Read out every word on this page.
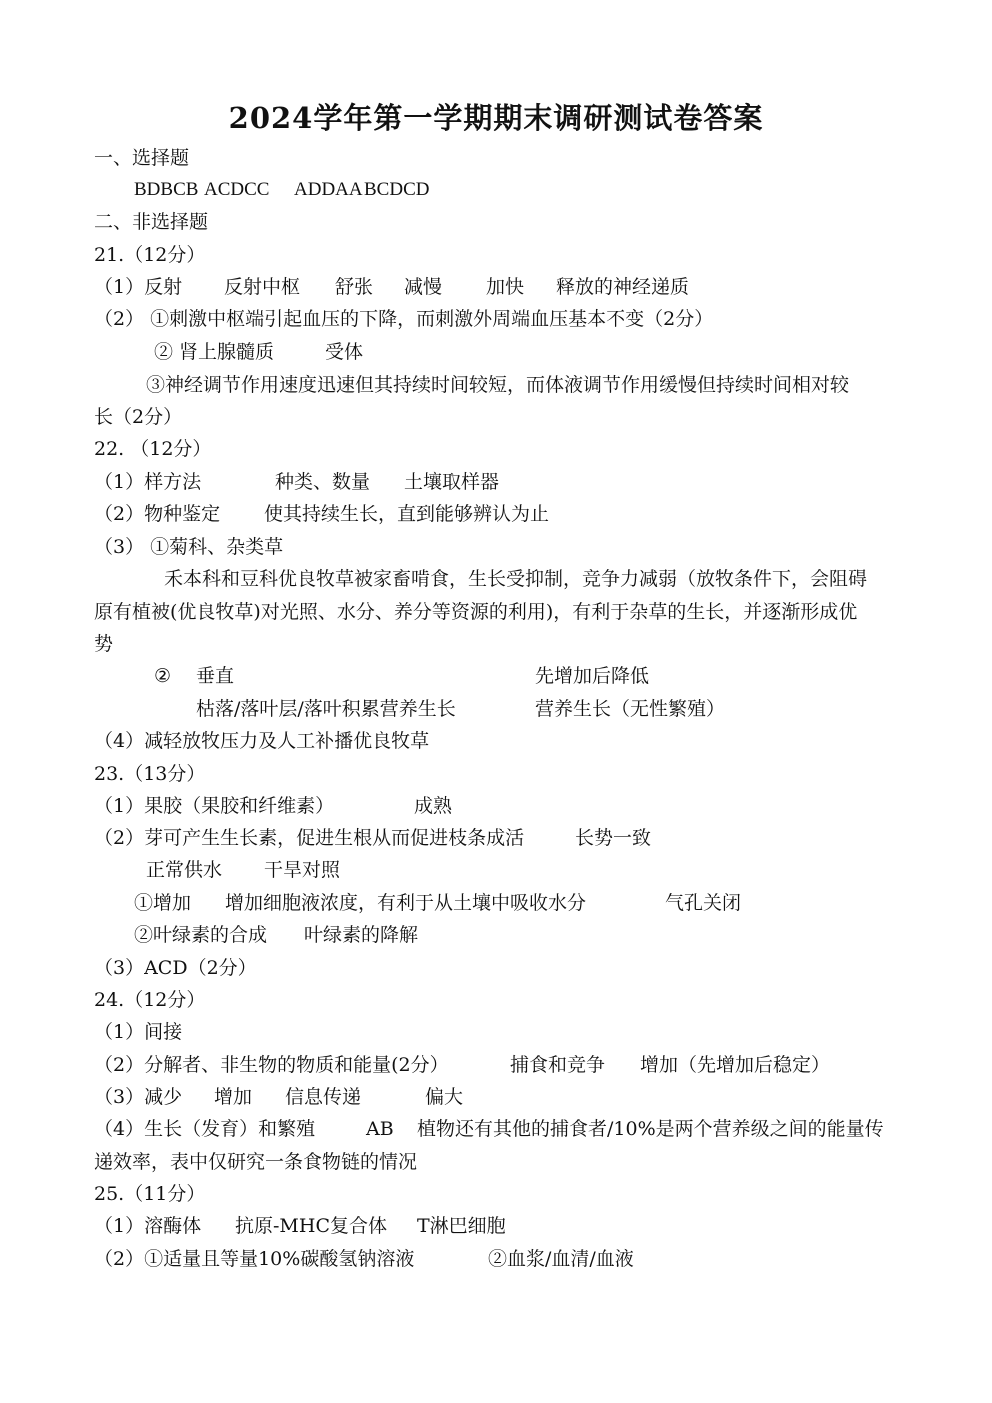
2024学年第一学期期末调研测试卷答案
一、选择题
BDBCB ACDCC ADDAA BCDCD
二、非选择题
21.（12分）
（1）反射 反射中枢 舒张 减慢 加快 释放的神经递质
（2） ①刺激中枢端引起血压的下降，而刺激外周端血压基本不变（2分）
② 肾上腺髓质	受体
③神经调节作用速度迅速但其持续时间较短，而体液调节作用缓慢但持续时间相对较
长（2分）
22. （12分）
（1）样方法	种类、数量 土壤取样器
（2）物种鉴定 使其持续生长，直到能够辨认为止
（3） ①菊科、杂类草
禾本科和豆科优良牧草被家畜啃食，生长受抑制，竞争力减弱（放牧条件下，会阻碍
原有植被(优良牧草)对光照、水分、养分等资源的利用)，有利于杂草的生长，并逐渐形成优
势
② 垂直	先增加后降低
枯落/落叶层/落叶积累营养生长	营养生长（无性繁殖）
（4）减轻放牧压力及人工补播优良牧草
23.（13分）
（1）果胶（果胶和纤维素）	成熟
（2）芽可产生生长素，促进生根从而促进枝条成活	长势一致
正常供水 干旱对照
①增加 增加细胞液浓度，有利于从土壤中吸收水分	气孔关闭
②叶绿素的合成 叶绿素的降解
（3）ACD（2分）
24.（12分）
（1）间接
（2）分解者、非生物的物质和能量(2分）	捕食和竞争 增加（先增加后稳定）
（3）减少 增加 信息传递	偏大
（4）生长（发育）和繁殖	AB 植物还有其他的捕食者/10%是两个营养级之间的能量传
递效率，表中仅研究一条食物链的情况
25.（11分）
（1）溶酶体 抗原-MHC复合体 T淋巴细胞
（2）①适量且等量10%碳酸氢钠溶液	②血浆/血清/血液
